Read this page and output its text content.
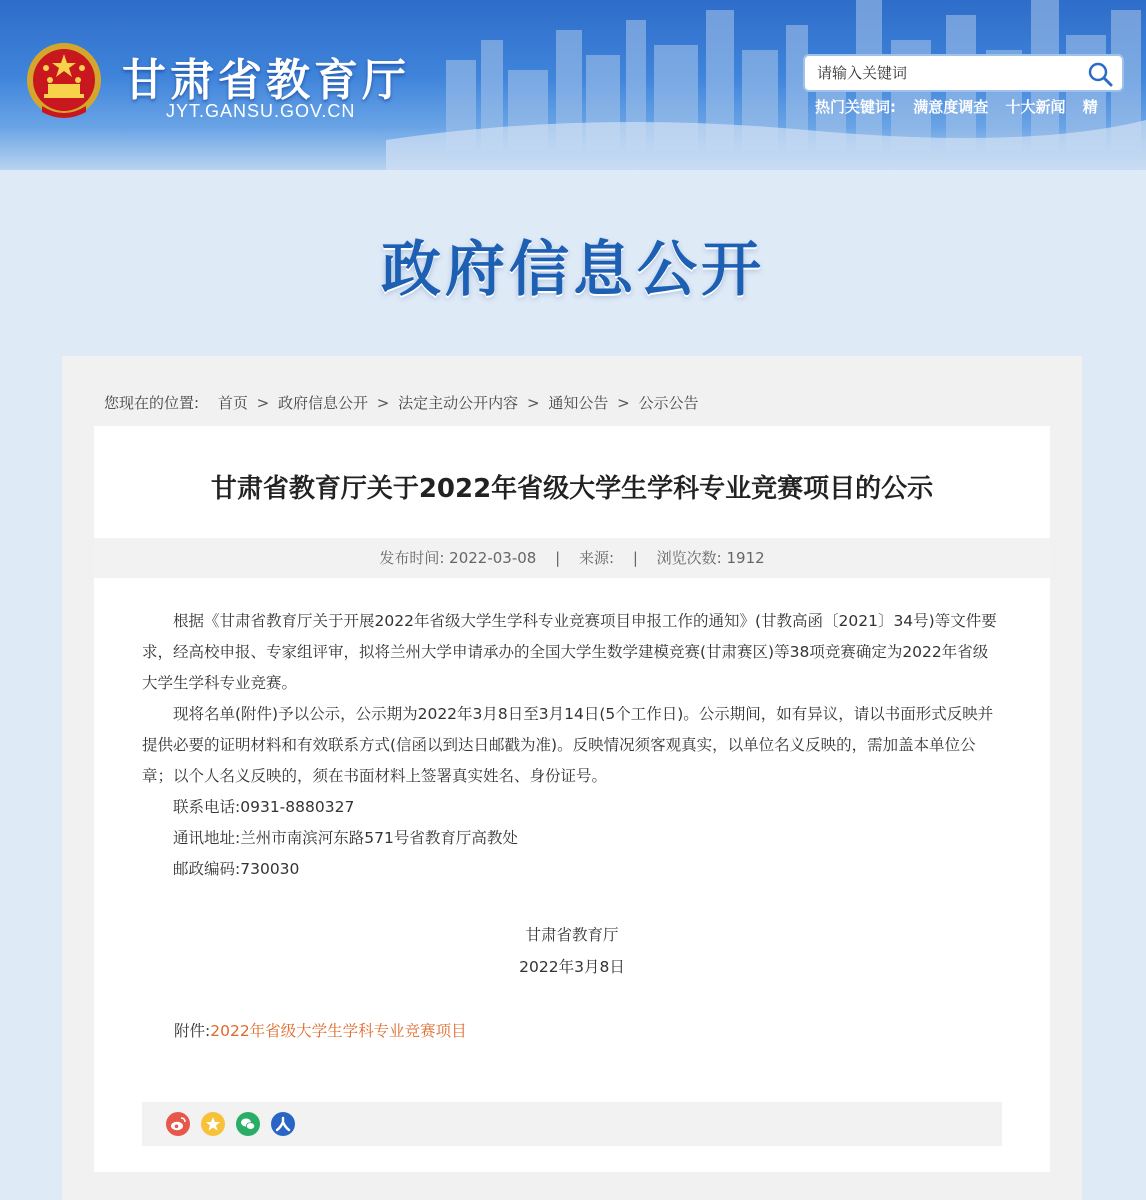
甘肃省教育厅
JYT.GANSU.GOV.CN
请输入关键词	热门关键词: 满意度调查 十大新闻 精
政府信息公开
您现在的位置: 首页 > 政府信息公开 > 法定主动公开内容 > 通知公告 > 公示公告
甘肃省教育厅关于2022年省级大学生学科专业竞赛项目的公示
发布时间: 2022-03-08 | 来源: | 浏览次数: 1912

根据《甘肃省教育厅关于开展2022年省级大学生学科专业竞赛项目申报工作的通知》(甘教高函〔2021〕34号)等文件要求，经高校申报、专家组评审，拟将兰州大学申请承办的全国大学生数学建模竞赛(甘肃赛区)等38项竞赛确定为2022年省级大学生学科专业竞赛。

现将名单(附件)予以公示，公示期为2022年3月8日至3月14日(5个工作日)。公示期间，如有异议，请以书面形式反映并提供必要的证明材料和有效联系方式(信函以到达日邮戳为准)。反映情况须客观真实，以单位名义反映的，需加盖本单位公章；以个人名义反映的，须在书面材料上签署真实姓名、身份证号。

联系电话:0931-8880327
通讯地址:兰州市南滨河东路571号省教育厅高教处
邮政编码:730030
甘肃省教育厅
2022年3月8日
附件:2022年省级大学生学科专业竞赛项目
